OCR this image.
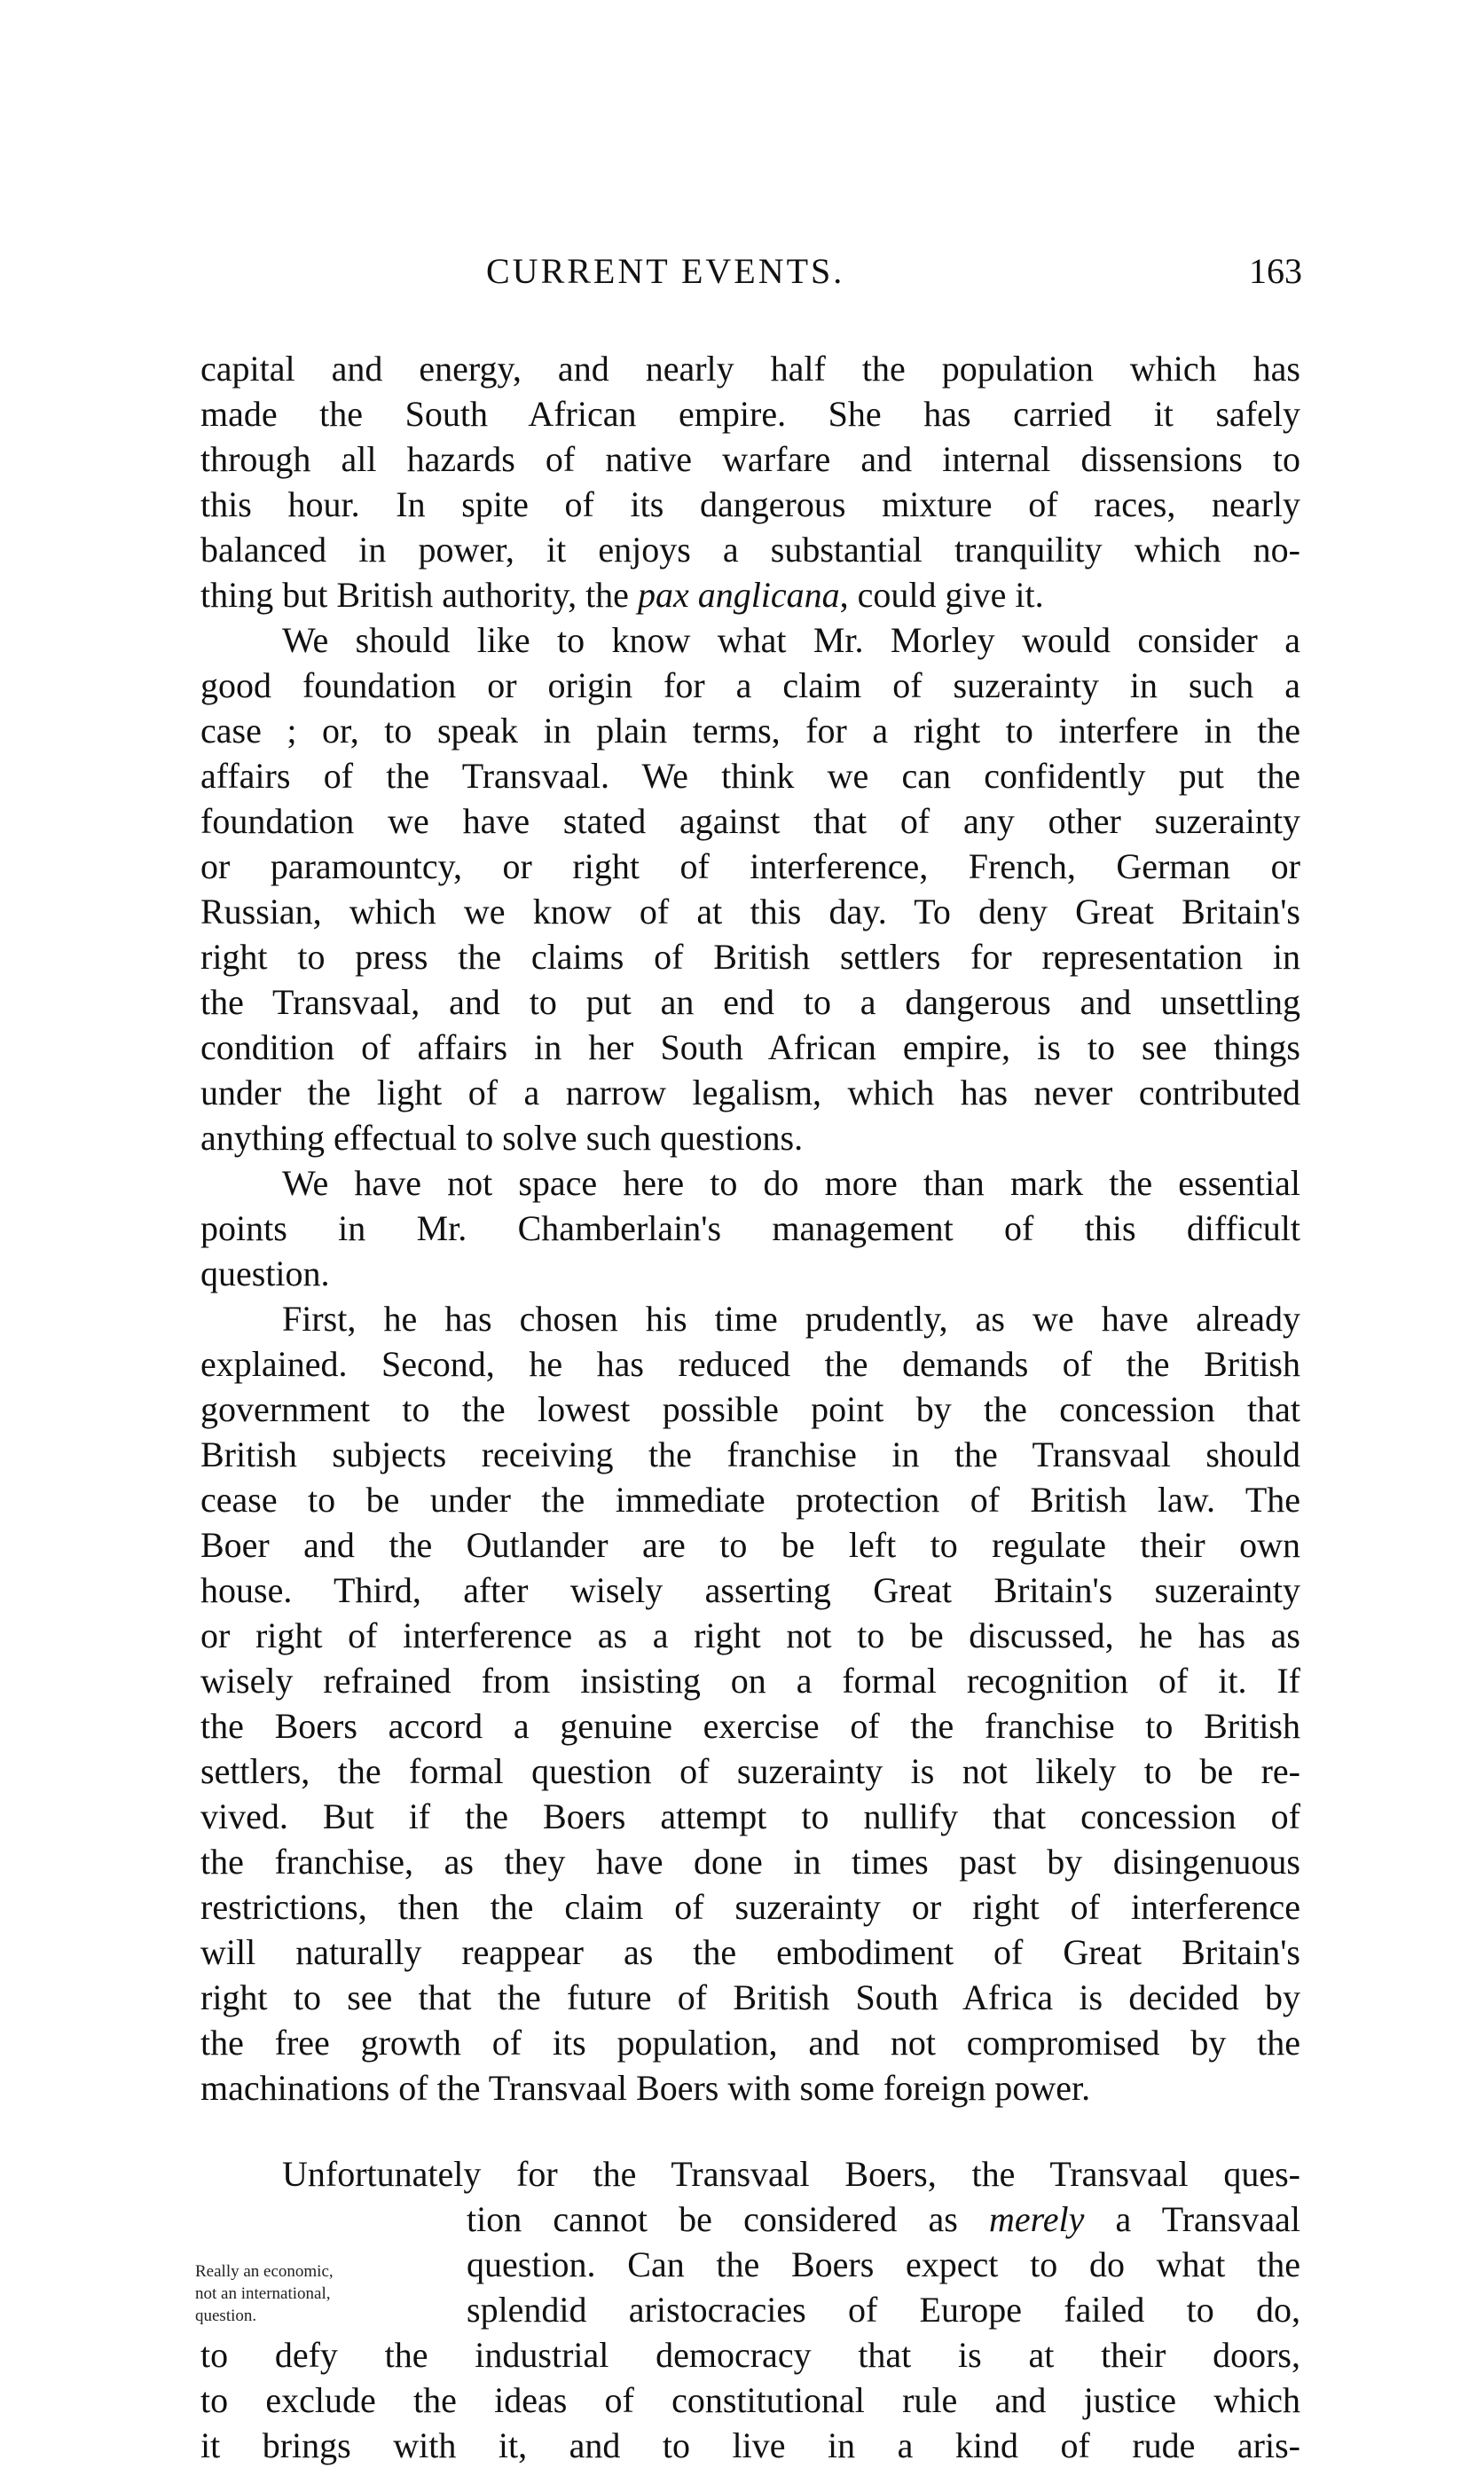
CURRENT EVENTS.	163
capital and energy, and nearly half the population which has
made the South African empire. She has carried it safely
through all hazards of native warfare and internal dissensions to
this hour. In spite of its dangerous mixture of races, nearly
balanced in power, it enjoys a substantial tranquility which no-
thing but British authority, the pax anglicana, could give it.
We should like to know what Mr. Morley would consider a
good foundation or origin for a claim of suzerainty in such a
case ; or, to speak in plain terms, for a right to interfere in the
affairs of the Transvaal. We think we can confidently put the
foundation we have stated against that of any other suzerainty
or paramountcy, or right of interference, French, German or
Russian, which we know of at this day. To deny Great Britain's
right to press the claims of British settlers for representation in
the Transvaal, and to put an end to a dangerous and unsettling
condition of affairs in her South African empire, is to see things
under the light of a narrow legalism, which has never contributed
anything effectual to solve such questions.
We have not space here to do more than mark the essential
points in Mr. Chamberlain's management of this difficult
question.
First, he has chosen his time prudently, as we have already
explained. Second, he has reduced the demands of the British
government to the lowest possible point by the concession that
British subjects receiving the franchise in the Transvaal should
cease to be under the immediate protection of British law. The
Boer and the Outlander are to be left to regulate their own
house. Third, after wisely asserting Great Britain's suzerainty
or right of interference as a right not to be discussed, he has as
wisely refrained from insisting on a formal recognition of it. If
the Boers accord a genuine exercise of the franchise to British
settlers, the formal question of suzerainty is not likely to be re-
vived. But if the Boers attempt to nullify that concession of
the franchise, as they have done in times past by disingenuous
restrictions, then the claim of suzerainty or right of interference
will naturally reappear as the embodiment of Great Britain's
right to see that the future of British South Africa is decided by
the free growth of its population, and not compromised by the
machinations of the Transvaal Boers with some foreign power.
Really an economic,
not an international,
question.
Unfortunately for the Transvaal Boers, the Transvaal ques-
tion cannot be considered as merely a Transvaal
question. Can the Boers expect to do what the
splendid aristocracies of Europe failed to do,
to defy the industrial democracy that is at their doors,
to exclude the ideas of constitutional rule and justice which
it brings with it, and to live in a kind of rude aris-
